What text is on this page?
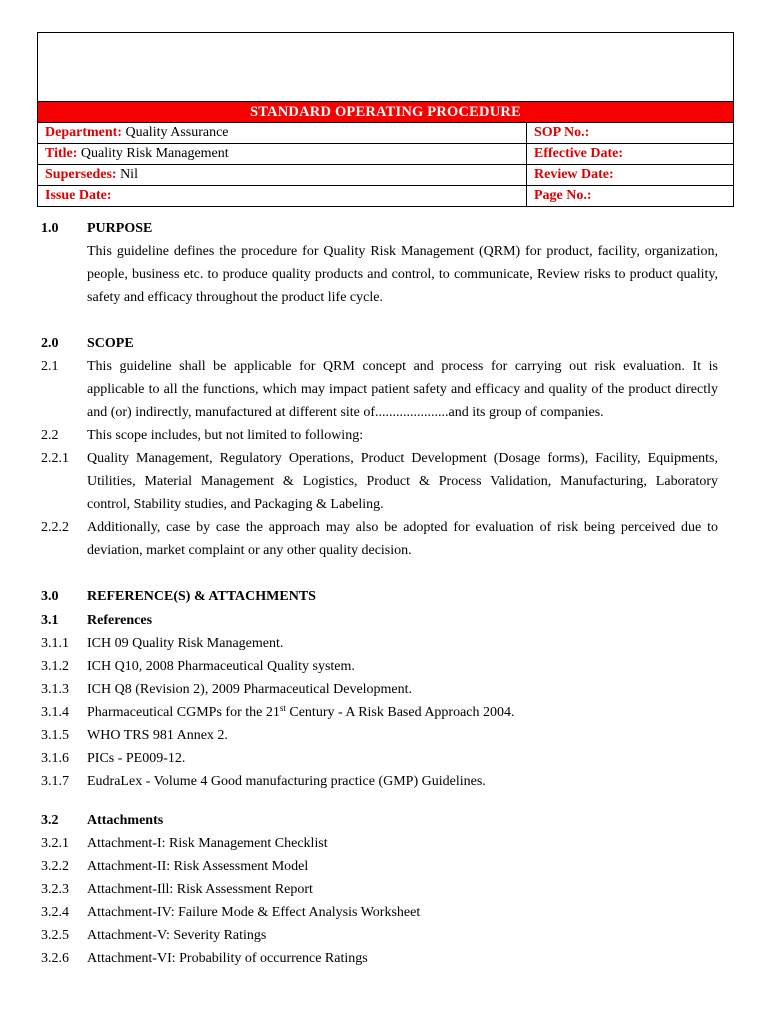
STANDARD OPERATING PROCEDURE	
Department: Quality Assurance	SOP No.:
Title: Quality Risk Management	Effective Date:
Supersedes: Nil	Review Date:
Issue Date:	Page No.:
1.0 PURPOSE
This guideline defines the procedure for Quality Risk Management (QRM) for product, facility, organization,
people, business etc. to produce quality products and control, to communicate, Review risks to product quality,
safety and efficacy throughout the product life cycle.
2.0 SCOPE
2.1 This guideline shall be applicable for QRM concept and process for carrying out risk evaluation. It is
applicable to all the functions, which may impact patient safety and efficacy and quality of the product directly
and (or) indirectly, manufactured at different site of.....................and its group of companies.
2.2 This scope includes, but not limited to following:
2.2.1 Quality Management, Regulatory Operations, Product Development (Dosage forms), Facility, Equipments,
Utilities, Material Management & Logistics, Product & Process Validation, Manufacturing, Laboratory
control, Stability studies, and Packaging & Labeling.
2.2.2 Additionally, case by case the approach may also be adopted for evaluation of risk being perceived due to
deviation, market complaint or any other quality decision.
3.0 REFERENCE(S) & ATTACHMENTS
3.1 References
3.1.1 ICH 09 Quality Risk Management.
3.1.2 ICH Q10, 2008 Pharmaceutical Quality system.
3.1.3 ICH Q8 (Revision 2), 2009 Pharmaceutical Development.
3.1.4 Pharmaceutical CGMPs for the 21st Century - A Risk Based Approach 2004.
3.1.5 WHO TRS 981 Annex 2.
3.1.6 PICs - PE009-12.
3.1.7 EudraLex - Volume 4 Good manufacturing practice (GMP) Guidelines.
3.2 Attachments
3.2.1 Attachment-I: Risk Management Checklist
3.2.2 Attachment-II: Risk Assessment Model
3.2.3 Attachment-Ill: Risk Assessment Report
3.2.4 Attachment-IV: Failure Mode & Effect Analysis Worksheet
3.2.5 Attachment-V: Severity Ratings
3.2.6 Attachment-VI: Probability of occurrence Ratings
